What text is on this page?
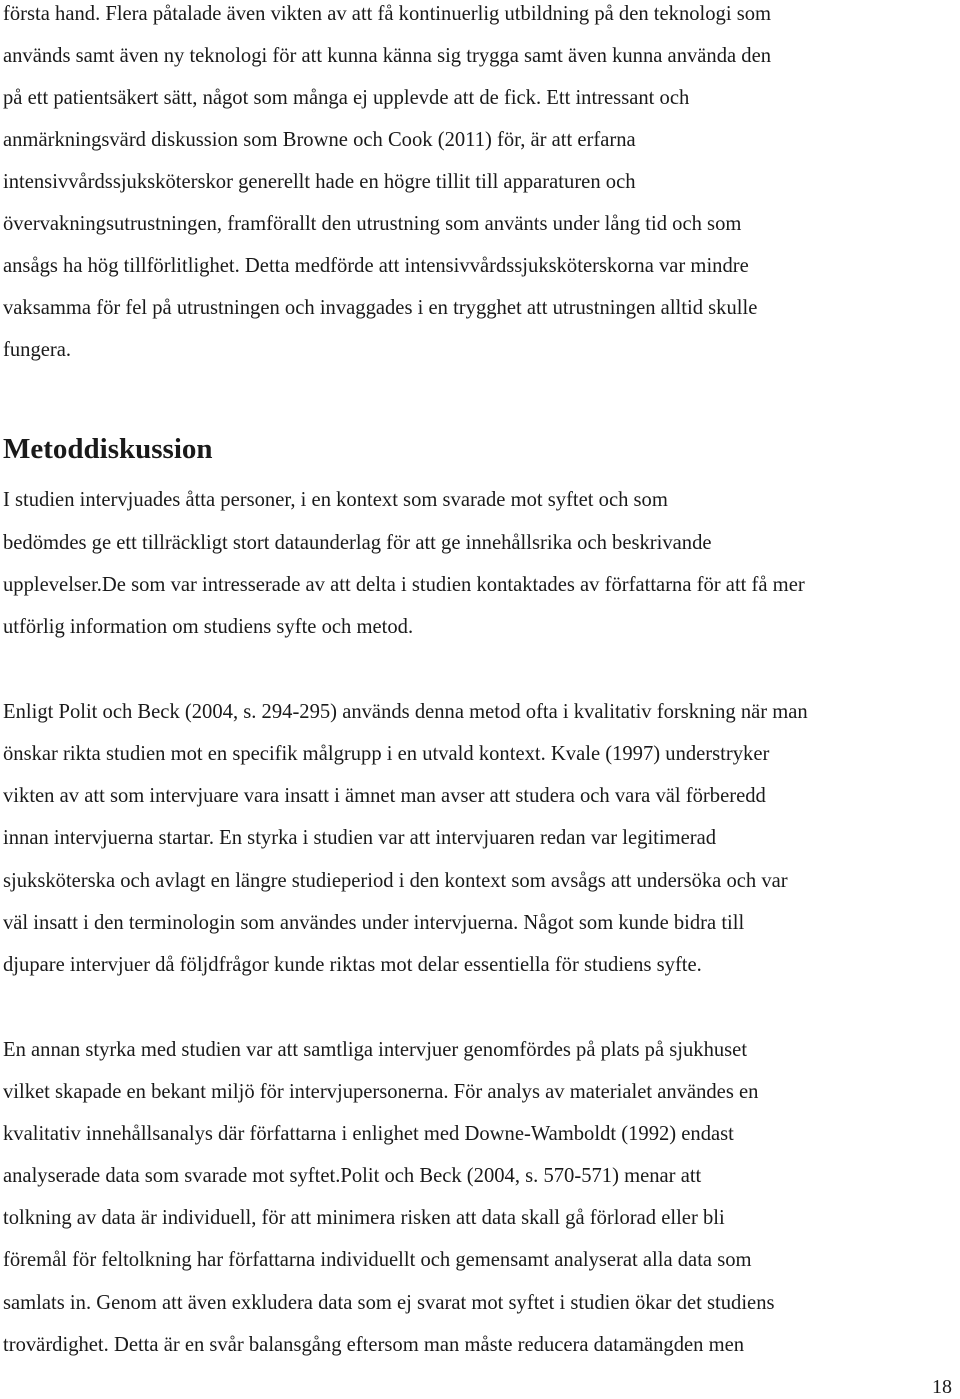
första hand. Flera påtalade även vikten av att få kontinuerlig utbildning på den teknologi som
används samt även ny teknologi för att kunna känna sig trygga samt även kunna använda den
på ett patientsäkert sätt, något som många ej upplevde att de fick. Ett intressant och
anmärkningsvärd diskussion som Browne och Cook (2011) för, är att erfarna
intensivvårdssjuksköterskor generellt hade en högre tillit till apparaturen och
övervakningsutrustningen, framförallt den utrustning som använts under lång tid och som
ansågs ha hög tillförlitlighet. Detta medförde att intensivvårdssjuksköterskorna var mindre
vaksamma för fel på utrustningen och invaggades i en trygghet att utrustningen alltid skulle
fungera.
Metoddiskussion
I studien intervjuades åtta personer, i en kontext som svarade mot syftet och som
bedömdes ge ett tillräckligt stort dataunderlag för att ge innehållsrika och beskrivande
upplevelser.De som var intresserade av att delta i studien kontaktades av författarna för att få mer
utförlig information om studiens syfte och metod.
Enligt Polit och Beck (2004, s. 294-295) används denna metod ofta i kvalitativ forskning när man
önskar rikta studien mot en specifik målgrupp i en utvald kontext. Kvale (1997) understryker
vikten av att som intervjuare vara insatt i ämnet man avser att studera och vara väl förberedd
innan intervjuerna startar. En styrka i studien var att intervjuaren redan var legitimerad
sjuksköterska och avlagt en längre studieperiod i den kontext som avsågs att undersöka och var
väl insatt i den terminologin som användes under intervjuerna. Något som kunde bidra till
djupare intervjuer då följdfrågor kunde riktas mot delar essentiella för studiens syfte.
En annan styrka med studien var att samtliga intervjuer genomfördes på plats på sjukhuset
vilket skapade en bekant miljö för intervjupersonerna. För analys av materialet användes en
kvalitativ innehållsanalys där författarna i enlighet med Downe-Wamboldt (1992) endast
analyserade data som svarade mot syftet.Polit och Beck (2004, s. 570-571) menar att
tolkning av data är individuell, för att minimera risken att data skall gå förlorad eller bli
föremål för feltolkning har författarna individuellt och gemensamt analyserat alla data som
samlats in. Genom att även exkludera data som ej svarat mot syftet i studien ökar det studiens
trovärdighet. Detta är en svår balansgång eftersom man måste reducera datamängden men
18
